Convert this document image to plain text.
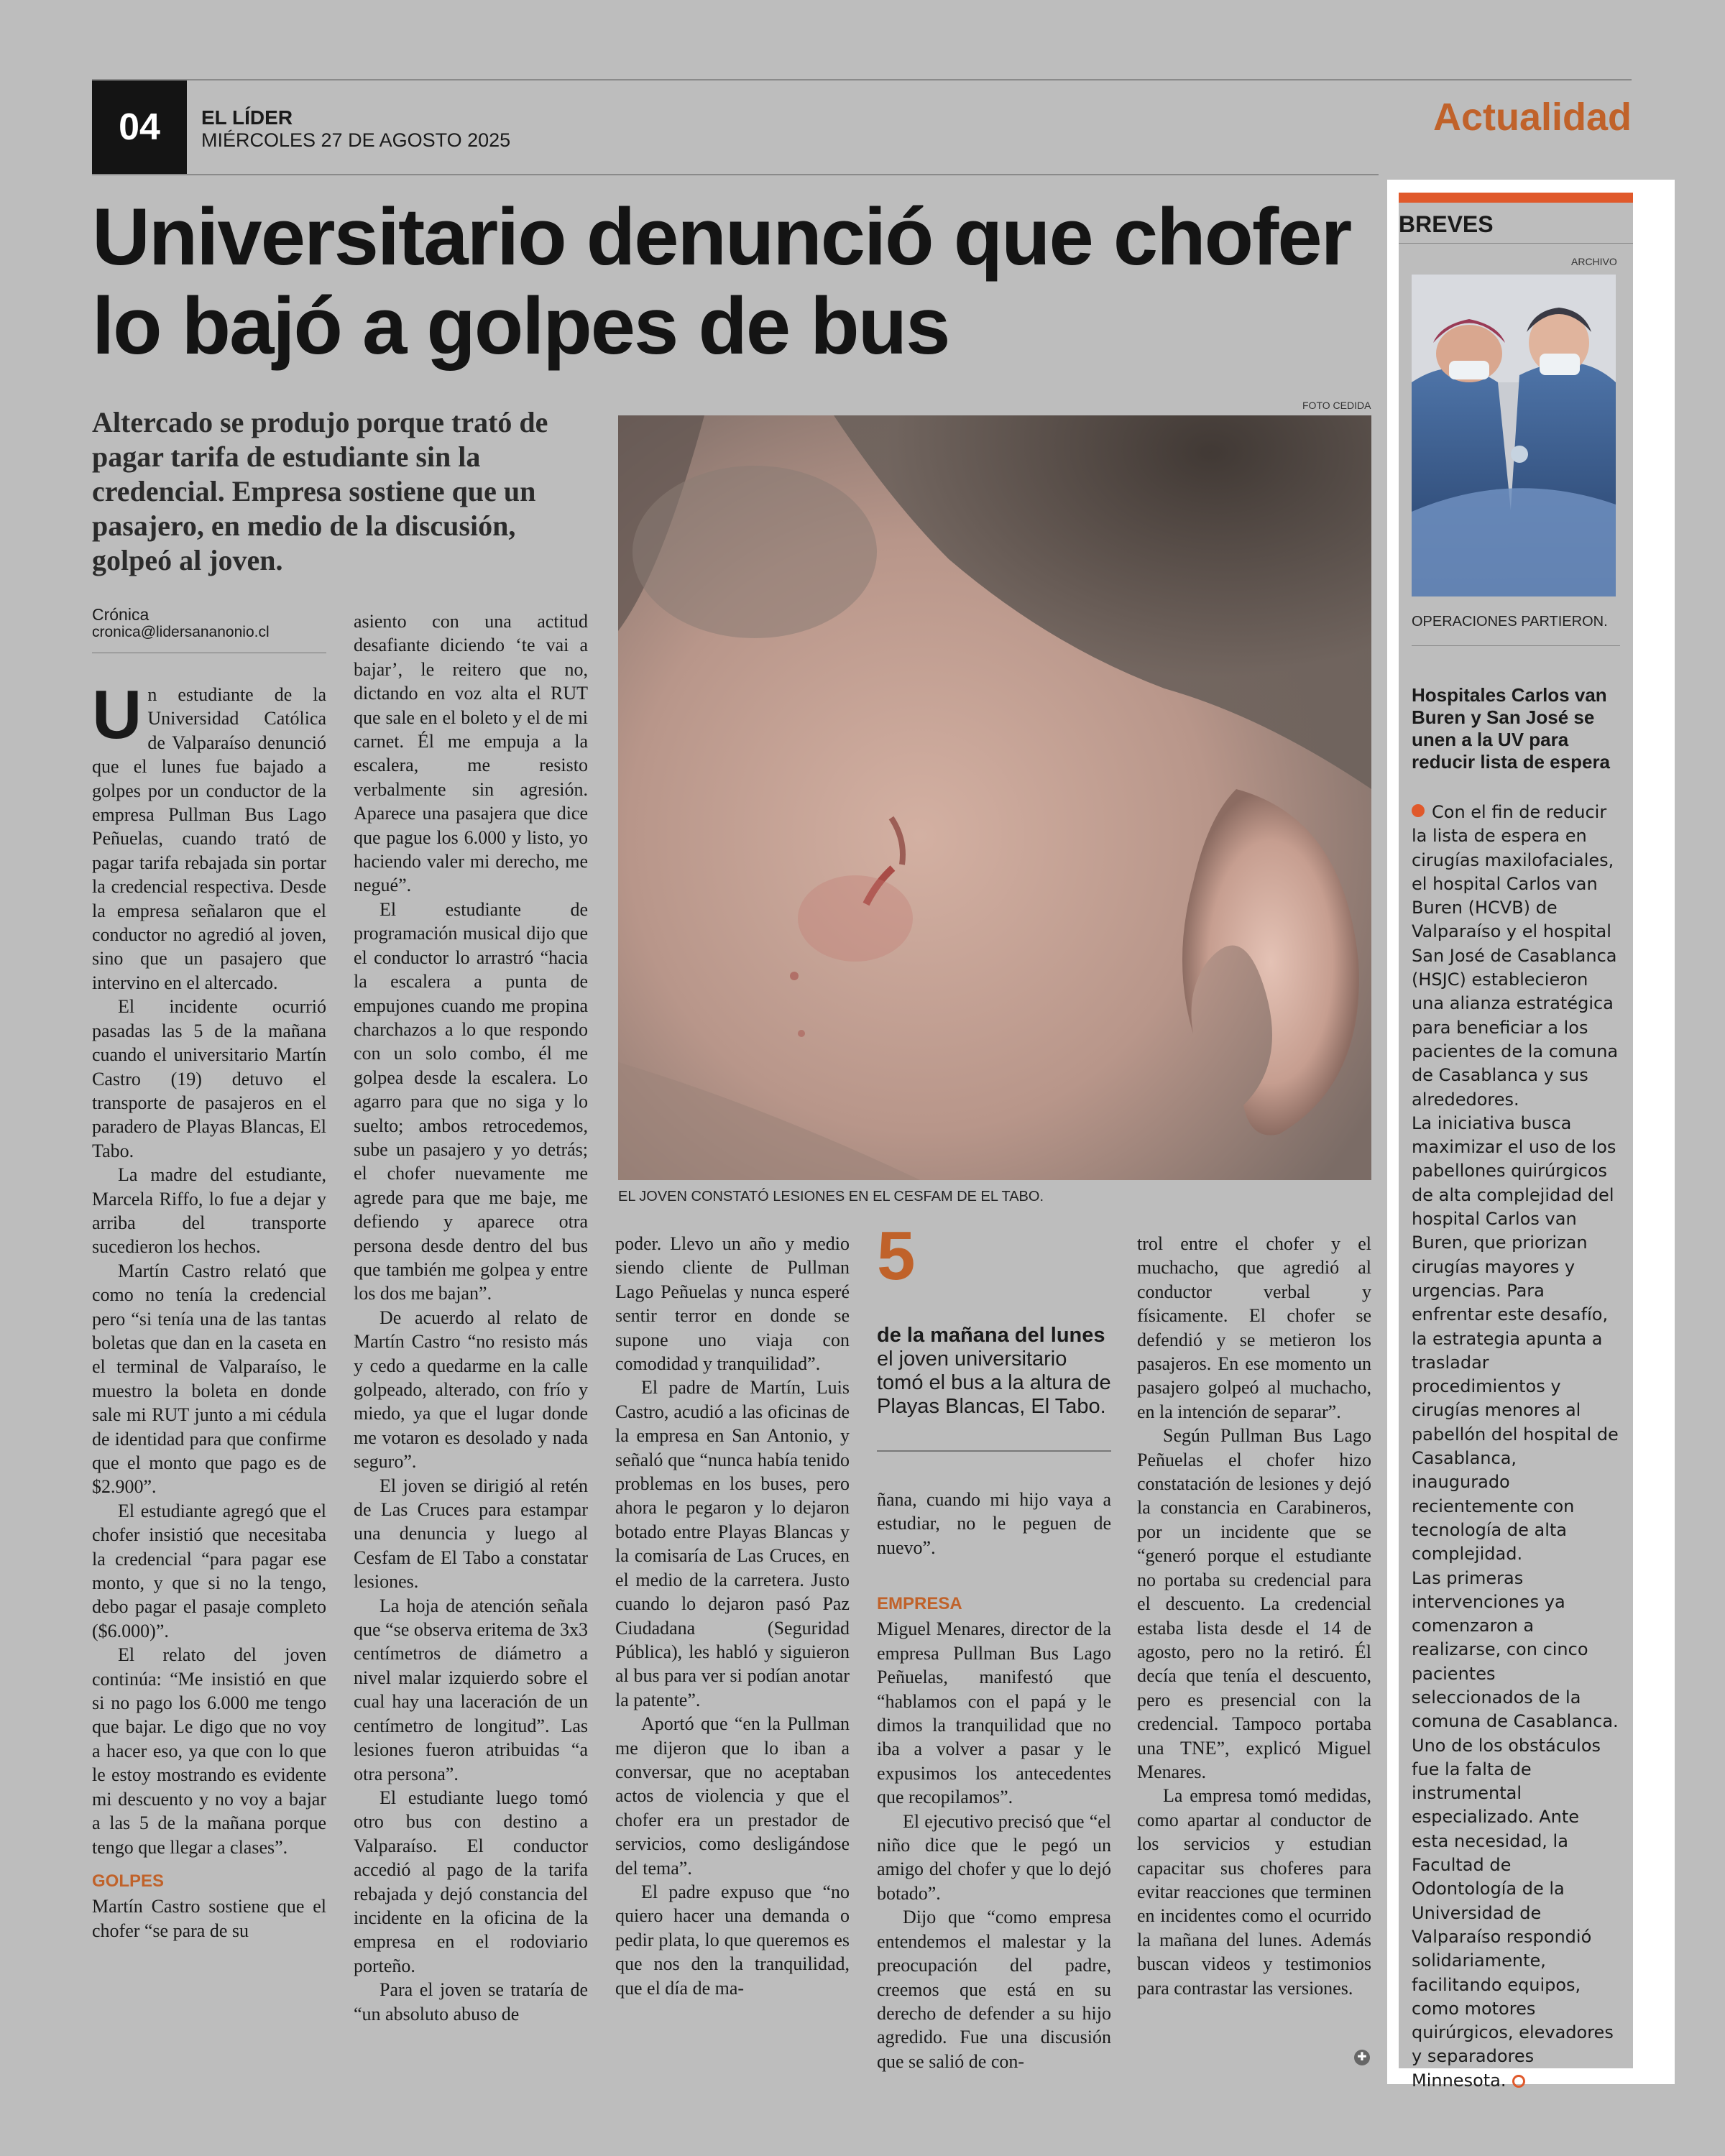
04	EL LÍDER
MIÉRCOLES 27 DE AGOSTO 2025
Actualidad
Universitario denunció que chofer lo bajó a golpes de bus

Altercado se produjo porque trató de pagar tarifa de estudiante sin la credencial. Empresa sostiene que un pasajero, en medio de la discusión, golpeó al joven.

FOTO CEDIDA
EL JOVEN CONSTATÓ LESIONES EN EL CESFAM DE EL TABO.
Crónica
cronica@lidersananonio.cl

Un estudiante de la Universidad Católica de Valparaíso denunció que el lunes fue bajado a golpes por un conductor de la empresa Pullman Bus Lago Peñuelas, cuando trató de pagar tarifa rebajada sin portar la credencial respectiva. Desde la empresa señalaron que el conductor no agredió al joven, sino que un pasajero que intervino en el altercado.

El incidente ocurrió pasadas las 5 de la mañana cuando el universitario Martín Castro (19) detuvo el transporte de pasajeros en el paradero de Playas Blancas, El Tabo.

La madre del estudiante, Marcela Riffo, lo fue a dejar y arriba del transporte sucedieron los hechos.

Martín Castro relató que como no tenía la credencial pero “si tenía una de las tantas boletas que dan en la caseta en el terminal de Valparaíso, le muestro la boleta en donde sale mi RUT junto a mi cédula de identidad para que confirme que el monto que pago es de $2.900”.

El estudiante agregó que el chofer insistió que necesitaba la credencial “para pagar ese monto, y que si no la tengo, debo pagar el pasaje completo ($6.000)”.

El relato del joven continúa: “Me insistió en que si no pago los 6.000 me tengo que bajar. Le digo que no voy a hacer eso, ya que con lo que le estoy mostrando es evidente mi descuento y no voy a bajar a las 5 de la mañana porque tengo que llegar a clases”.

GOLPES

Martín Castro sostiene que el chofer “se para de su

asiento con una actitud desafiante diciendo ‘te vai a bajar’, le reitero que no, dictando en voz alta el RUT que sale en el boleto y el de mi carnet. Él me empuja a la escalera, me resisto verbalmente sin agresión. Aparece una pasajera que dice que pague los 6.000 y listo, yo haciendo valer mi derecho, me negué”.

El estudiante de programación musical dijo que el conductor lo arrastró “hacia la escalera a punta de empujones cuando me propina charchazos a lo que respondo con un solo combo, él me golpea desde la escalera. Lo agarro para que no siga y lo suelto; ambos retrocedemos, sube un pasajero y yo detrás; el chofer nuevamente me agrede para que me baje, me defiendo y aparece otra persona desde dentro del bus que también me golpea y entre los dos me bajan”.

De acuerdo al relato de Martín Castro “no resisto más y cedo a quedarme en la calle golpeado, alterado, con frío y miedo, ya que el lugar donde me votaron es desolado y nada seguro”.

El joven se dirigió al retén de Las Cruces para estampar una denuncia y luego al Cesfam de El Tabo a constatar lesiones.

La hoja de atención señala que “se observa eritema de 3x3 centímetros de diámetro a nivel malar izquierdo sobre el cual hay una laceración de un centímetro de longitud”. Las lesiones fueron atribuidas “a otra persona”.

El estudiante luego tomó otro bus con destino a Valparaíso. El conductor accedió al pago de la tarifa rebajada y dejó constancia del incidente en la oficina de la empresa en el rodoviario porteño.

Para el joven se trataría de “un absoluto abuso de

poder. Llevo un año y medio siendo cliente de Pullman Lago Peñuelas y nunca esperé sentir terror en donde se supone uno viaja con comodidad y tranquilidad”.

El padre de Martín, Luis Castro, acudió a las oficinas de la empresa en San Antonio, y señaló que “nunca había tenido problemas en los buses, pero ahora le pegaron y lo dejaron botado entre Playas Blancas y la comisaría de Las Cruces, en el medio de la carretera. Justo cuando lo dejaron pasó Paz Ciudadana (Seguridad Pública), les habló y siguieron al bus para ver si podían anotar la patente”.

Aportó que “en la Pullman me dijeron que lo iban a conversar, que no aceptaban actos de violencia y que el chofer era un prestador de servicios, como desligándose del tema”.

El padre expuso que “no quiero hacer una demanda o pedir plata, lo que queremos es que nos den la tranquilidad, que el día de ma-

5
de la mañana del lunes el joven universitario tomó el bus a la altura de Playas Blancas, El Tabo.

ñana, cuando mi hijo vaya a estudiar, no le peguen de nuevo”.

EMPRESA

Miguel Menares, director de la empresa Pullman Bus Lago Peñuelas, manifestó que “hablamos con el papá y le dimos la tranquilidad que no iba a volver a pasar y le expusimos los antecedentes que recopilamos”.

El ejecutivo precisó que “el niño dice que le pegó un amigo del chofer y que lo dejó botado”.

Dijo que “como empresa entendemos el malestar y la preocupación del padre, creemos que está en su derecho de defender a su hijo agredido. Fue una discusión que se salió de con-

trol entre el chofer y el muchacho, que agredió al conductor verbal y físicamente. El chofer se defendió y se metieron los pasajeros. En ese momento un pasajero golpeó al muchacho, en la intención de separar”.

Según Pullman Bus Lago Peñuelas el chofer hizo constatación de lesiones y dejó la constancia en Carabineros, por un incidente que se “generó porque el estudiante no portaba su credencial para el descuento. La credencial estaba lista desde el 14 de agosto, pero no la retiró. Él decía que tenía el descuento, pero es presencial con la credencial. Tampoco portaba una TNE”, explicó Miguel Menares.

La empresa tomó medidas, como apartar al conductor de los servicios y estudian capacitar sus choferes para evitar reacciones que terminen en incidentes como el ocurrido la mañana del lunes. Además buscan videos y testimonios para contrastar las versiones.

✚
BREVES
ARCHIVO
OPERACIONES PARTIERON.
Hospitales Carlos van Buren y San José se unen a la UV para reducir lista de espera

Con el fin de reducir la lista de espera en cirugías maxilofaciales, el hospital Carlos van Buren (HCVB) de Valparaíso y el hospital San José de Casablanca (HSJC) establecieron una alianza estratégica para beneficiar a los pacientes de la comuna de Casablanca y sus alrededores.

La iniciativa busca maximizar el uso de los pabellones quirúrgicos de alta complejidad del hospital Carlos van Buren, que priorizan cirugías mayores y urgencias. Para enfrentar este desafío, la estrategia apunta a trasladar procedimientos y cirugías menores al pabellón del hospital de Casablanca, inaugurado recientemente con tecnología de alta complejidad.

Las primeras intervenciones ya comenzaron a realizarse, con cinco pacientes seleccionados de la comuna de Casablanca.

Uno de los obstáculos fue la falta de instrumental especializado. Ante esta necesidad, la Facultad de Odontología de la Universidad de Valparaíso respondió solidariamente, facilitando equipos, como motores quirúrgicos, elevadores y separadores Minnesota.
